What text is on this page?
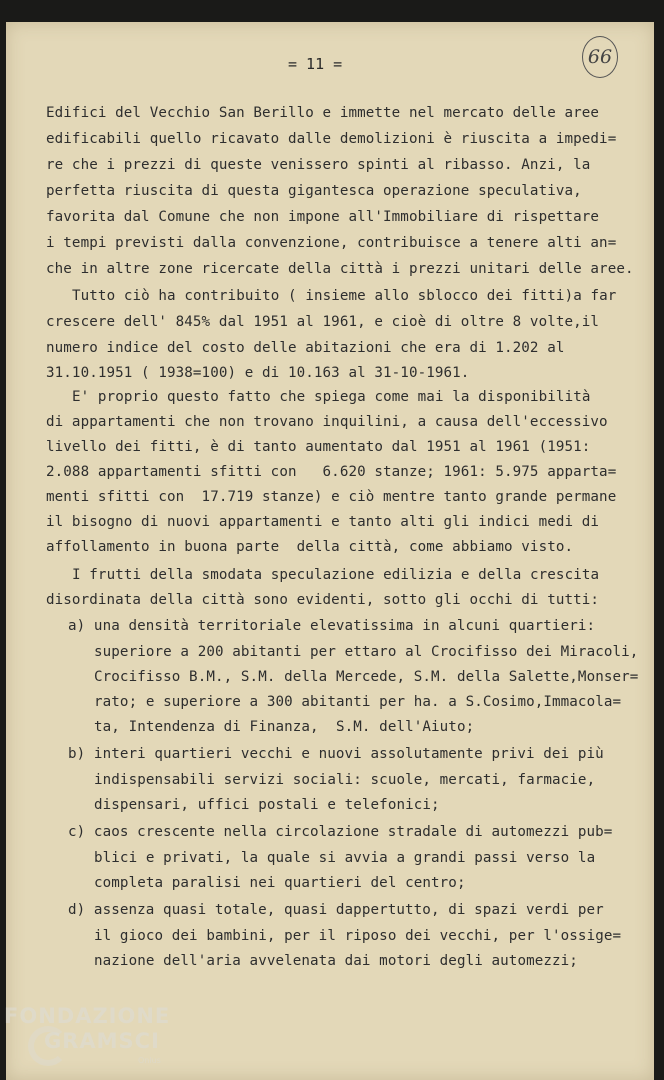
= 11 =	66
Edifici del Vecchio San Berillo e immette nel mercato delle aree
edificabili quello ricavato dalle demolizioni è riuscita a impedi=
re che i prezzi di queste venissero spinti al ribasso. Anzi, la
perfetta riuscita di questa gigantesca operazione speculativa,
favorita dal Comune che non impone all'Immobiliare di rispettare
i tempi previsti dalla convenzione, contribuisce a tenere alti an=
che in altre zone ricercate della città i prezzi unitari delle aree.
Tutto ciò ha contribuito ( insieme allo sblocco dei fitti)a far
crescere dell' 845% dal 1951 al 1961, e cioè di oltre 8 volte,il
numero indice del costo delle abitazioni che era di 1.202 al
31.10.1951 ( 1938=100) e di 10.163 al 31-10-1961.
E' proprio questo fatto che spiega come mai la disponibilità
di appartamenti che non trovano inquilini, a causa dell'eccessivo
livello dei fitti, è di tanto aumentato dal 1951 al 1961 (1951:
2.088 appartamenti sfitti con   6.620 stanze; 1961: 5.975 apparta=
menti sfitti con  17.719 stanze) e ciò mentre tanto grande permane
il bisogno di nuovi appartamenti e tanto alti gli indici medi di
affollamento in buona parte  della città, come abbiamo visto.
I frutti della smodata speculazione edilizia e della crescita
disordinata della città sono evidenti, sotto gli occhi di tutti:
a) una densità territoriale elevatissima in alcuni quartieri:
superiore a 200 abitanti per ettaro al Crocifisso dei Miracoli,
Crocifisso B.M., S.M. della Mercede, S.M. della Salette,Monser=
rato; e superiore a 300 abitanti per ha. a S.Cosimo,Immacola=
ta, Intendenza di Finanza,  S.M. dell'Aiuto;
b) interi quartieri vecchi e nuovi assolutamente privi dei più
indispensabili servizi sociali: scuole, mercati, farmacie,
dispensari, uffici postali e telefonici;
c) caos crescente nella circolazione stradale di automezzi pub=
blici e privati, la quale si avvia a grandi passi verso la
completa paralisi nei quartieri del centro;
d) assenza quasi totale, quasi dappertutto, di spazi verdi per
il gioco dei bambini, per il riposo dei vecchi, per l'ossige=
nazione dell'aria avvelenata dai motori degli automezzi;
FONDAZIONE
GRAMSCI
Onlus
